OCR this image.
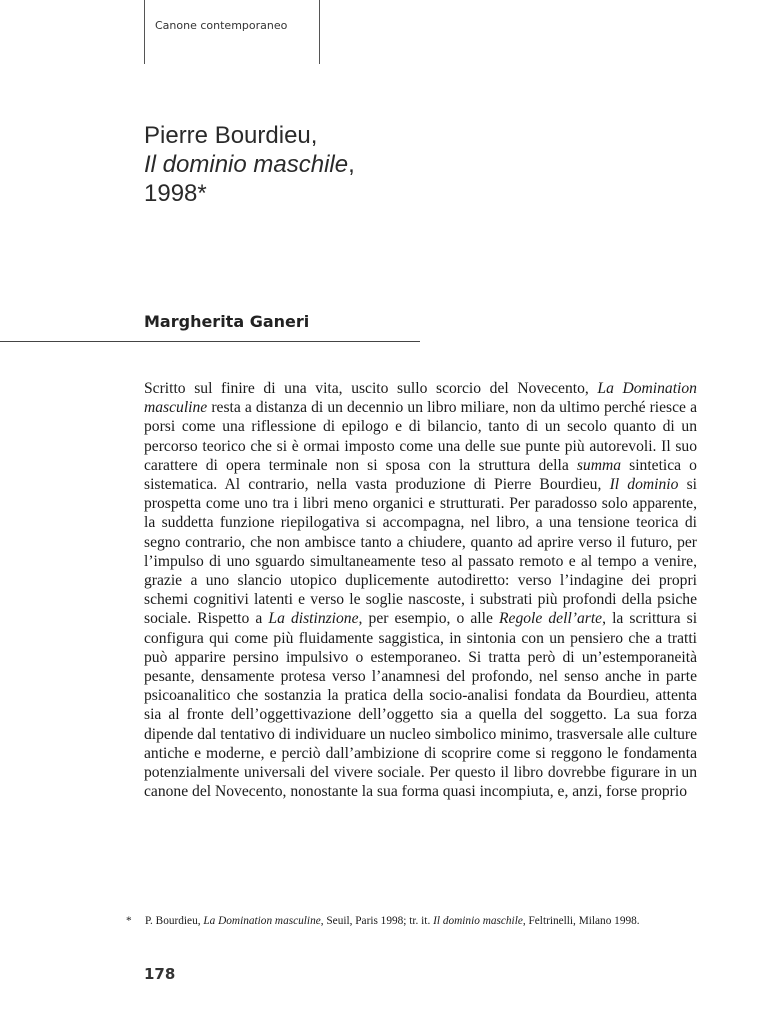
Canone contemporaneo
Pierre Bourdieu,
Il dominio maschile,
1998*
Margherita Ganeri

Scritto sul finire di una vita, uscito sullo scorcio del Novecento, La Domination masculine resta a distanza di un decennio un libro miliare, non da ultimo perché riesce a porsi come una riflessione di epilogo e di bilancio, tanto di un secolo quanto di un percorso teorico che si è ormai imposto come una delle sue punte più autorevoli. Il suo carattere di opera terminale non si sposa con la struttura della summa sintetica o sistematica. Al contrario, nella vasta produzione di Pierre Bourdieu, Il dominio si prospetta come uno tra i libri meno organici e strutturati. Per paradosso solo apparente, la suddetta funzione riepilogativa si accompagna, nel libro, a una tensione teorica di segno contrario, che non ambisce tanto a chiudere, quanto ad aprire verso il futuro, per l’impulso di uno sguardo simultaneamente teso al passato remoto e al tempo a venire, grazie a uno slancio utopico duplicemente autodiretto: verso l’indagine dei propri schemi cognitivi latenti e verso le soglie nascoste, i substrati più profondi della psiche sociale. Rispetto a La distinzione, per esempio, o alle Regole dell’arte, la scrittura si configura qui come più fluidamente saggistica, in sintonia con un pensiero che a tratti può apparire persino impulsivo o estemporaneo. Si tratta però di un’estemporaneità pesante, densamente protesa verso l’anamnesi del profondo, nel senso anche in parte psicoanalitico che sostanzia la pratica della socio-analisi fondata da Bourdieu, attenta sia al fronte dell’oggettivazione dell’oggetto sia a quella del soggetto. La sua forza dipende dal tentativo di individuare un nucleo simbolico minimo, trasversale alle culture antiche e moderne, e perciò dall’ambizione di scoprire come si reggono le fondamenta potenzialmente universali del vivere sociale. Per questo il libro dovrebbe figurare in un canone del Novecento, nonostante la sua forma quasi incompiuta, e, anzi, forse proprio

* P. Bourdieu, La Domination masculine, Seuil, Paris 1998; tr. it. Il dominio maschile, Feltrinelli, Milano 1998.
178
